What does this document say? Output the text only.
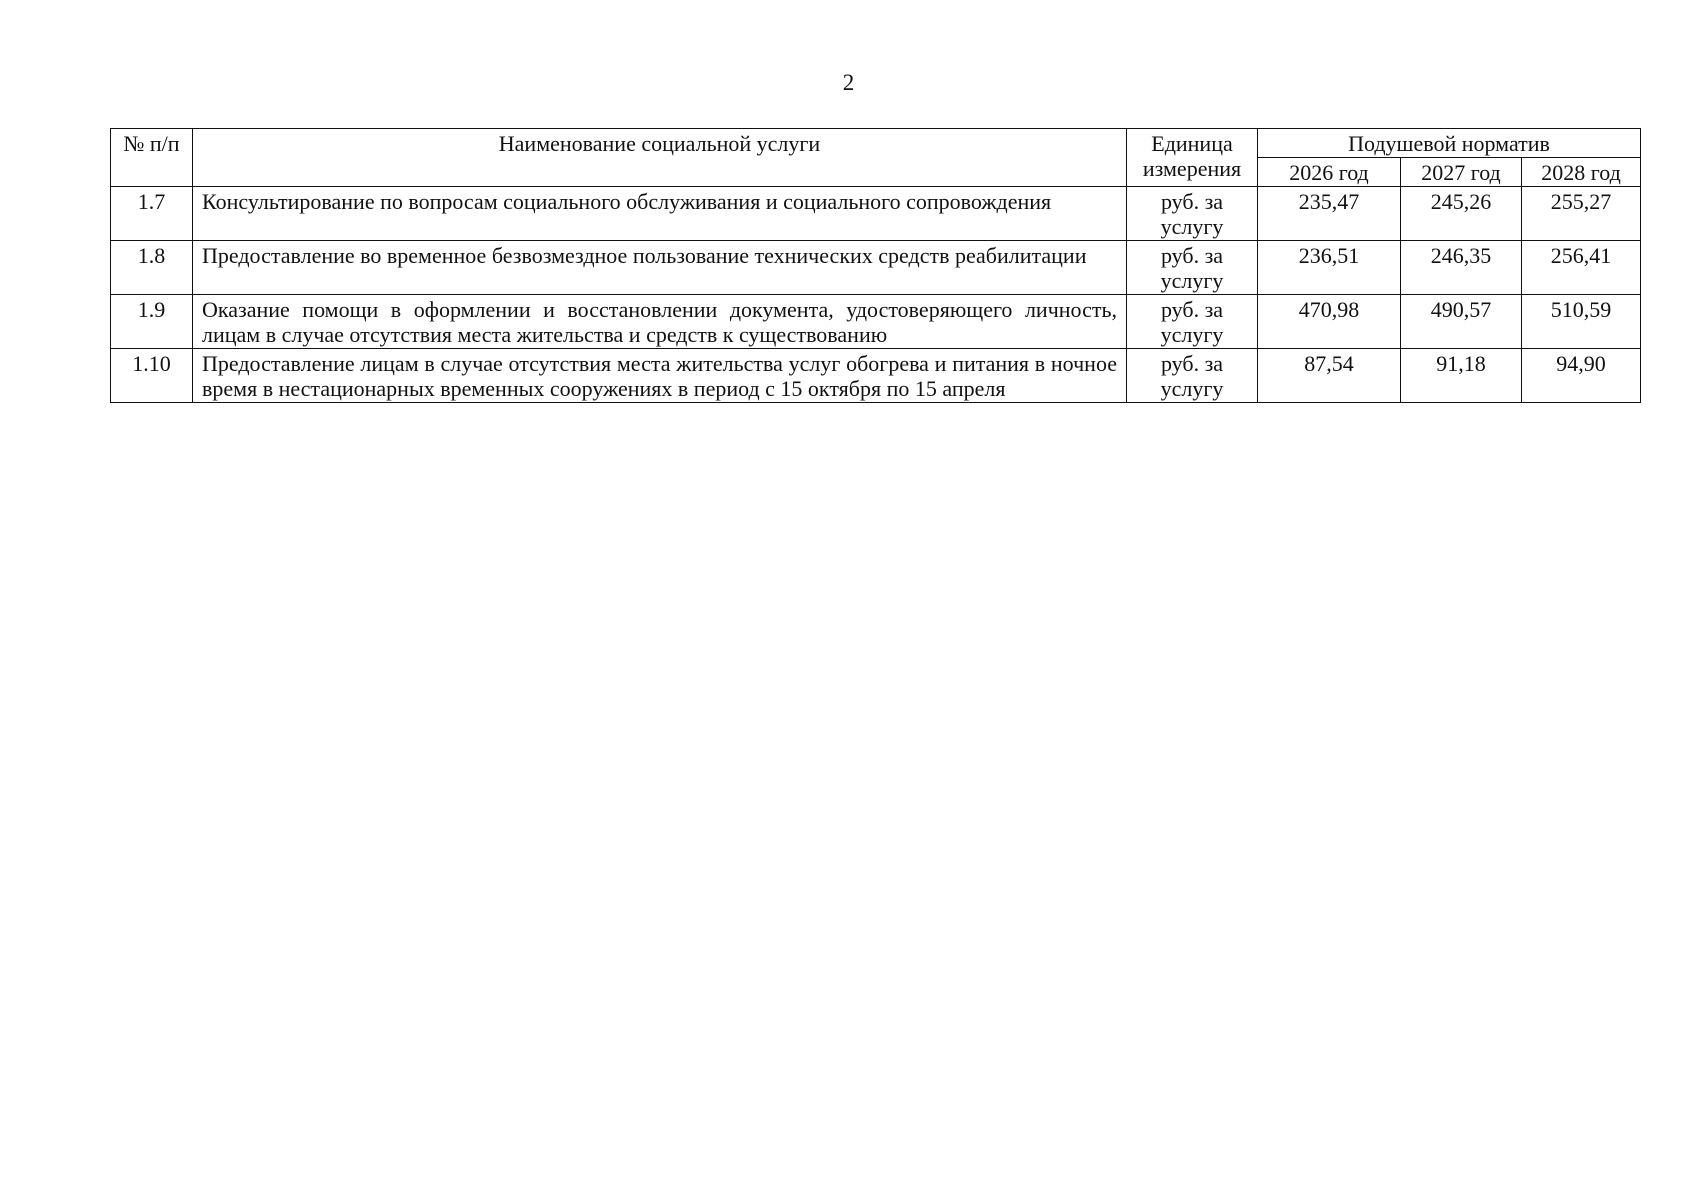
2
№ п/п	Наименование социальной услуги	Единица измерения	Подушевой норматив		
			2026 год	2027 год	2028 год
1.7	Консультирование по вопросам социального обслуживания и социального сопровождения	руб. за услугу	235,47	245,26	255,27
1.8	Предоставление во временное безвозмездное пользование технических средств реабилитации	руб. за услугу	236,51	246,35	256,41
1.9	Оказание помощи в оформлении и восстановлении документа, удостоверяющего личность, лицам в случае отсутствия места жительства и средств к существованию	руб. за услугу	470,98	490,57	510,59
1.10	Предоставление лицам в случае отсутствия места жительства услуг обогрева и питания в ночное время в нестационарных временных сооружениях в период с 15 октября по 15 апреля	руб. за услугу	87,54	91,18	94,90
